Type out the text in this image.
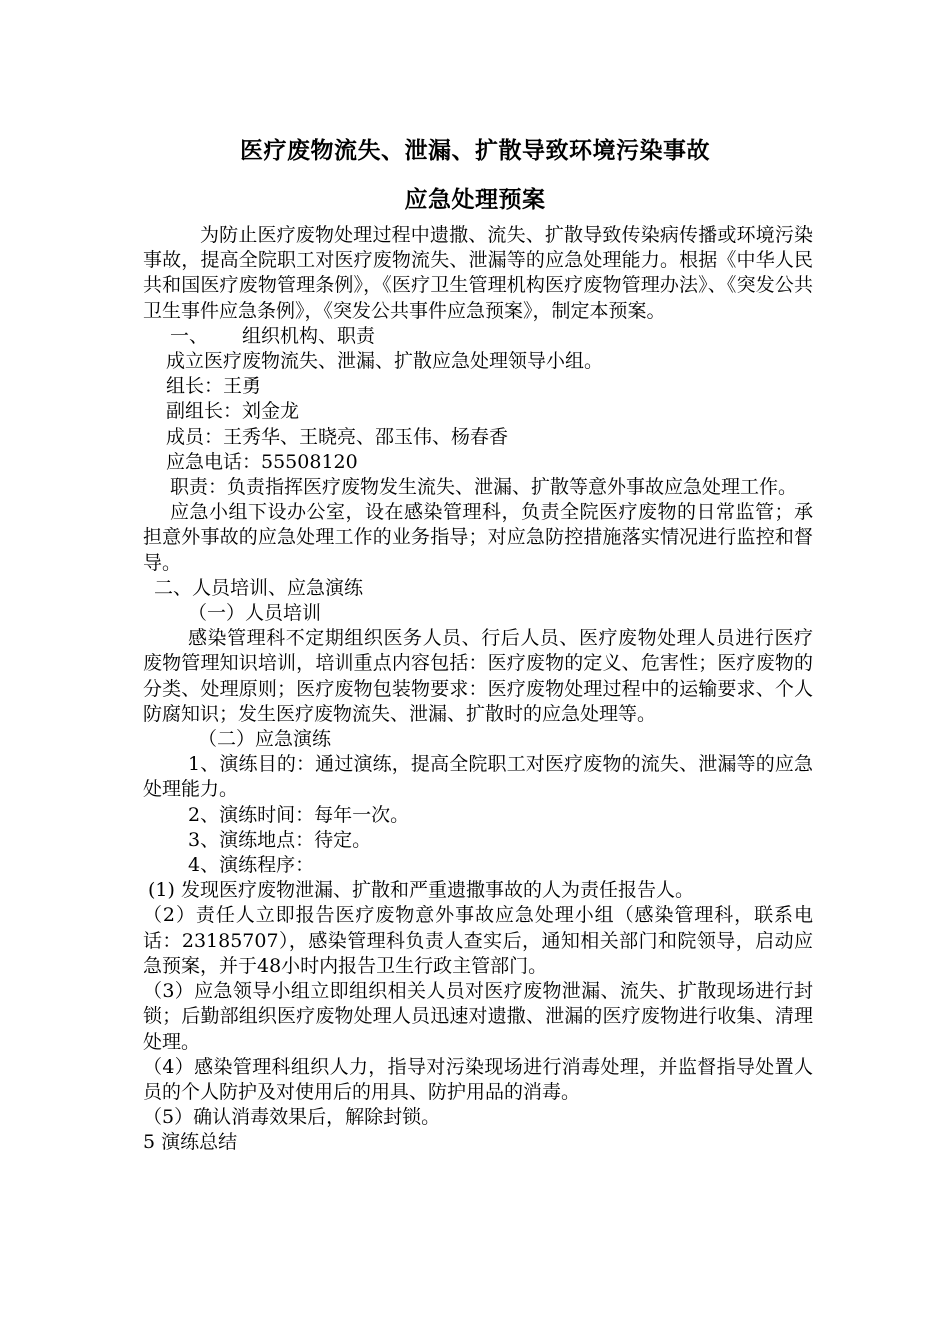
医疗废物流失、泄漏、扩散导致环境污染事故
应急处理预案

为防止医疗废物处理过程中遗撒、流失、扩散导致传染病传播或环境污染事故，提高全院职工对医疗废物流失、泄漏等的应急处理能力。根据《中华人民共和国医疗废物管理条例》，《医疗卫生管理机构医疗废物管理办法》、《突发公共卫生事件应急条例》，《突发公共事件应急预案》，制定本预案。

一、 组织机构、职责

成立医疗废物流失、泄漏、扩散应急处理领导小组。

组长：王勇

副组长：刘金龙

成员：王秀华、王晓亮、邵玉伟、杨春香

应急电话：55508120

职责：负责指挥医疗废物发生流失、泄漏、扩散等意外事故应急处理工作。

应急小组下设办公室，设在感染管理科，负责全院医疗废物的日常监管；承担意外事故的应急处理工作的业务指导；对应急防控措施落实情况进行监控和督导。

二、人员培训、应急演练

（一）人员培训

感染管理科不定期组织医务人员、行后人员、医疗废物处理人员进行医疗废物管理知识培训，培训重点内容包括：医疗废物的定义、危害性；医疗废物的分类、处理原则；医疗废物包装物要求：医疗废物处理过程中的运输要求、个人防腐知识；发生医疗废物流失、泄漏、扩散时的应急处理等。

（二）应急演练

1、演练目的：通过演练，提高全院职工对医疗废物的流失、泄漏等的应急处理能力。

2、演练时间：每年一次。

3、演练地点：待定。

4、演练程序：

(1) 发现医疗废物泄漏、扩散和严重遗撒事故的人为责任报告人。

（2）责任人立即报告医疗废物意外事故应急处理小组（感染管理科，联系电话：23185707），感染管理科负责人查实后，通知相关部门和院领导，启动应急预案，并于48小时内报告卫生行政主管部门。

（3）应急领导小组立即组织相关人员对医疗废物泄漏、流失、扩散现场进行封锁；后勤部组织医疗废物处理人员迅速对遗撒、泄漏的医疗废物进行收集、清理处理。

（4）感染管理科组织人力，指导对污染现场进行消毒处理，并监督指导处置人员的个人防护及对使用后的用具、防护用品的消毒。

（5）确认消毒效果后，解除封锁。

5 演练总结
